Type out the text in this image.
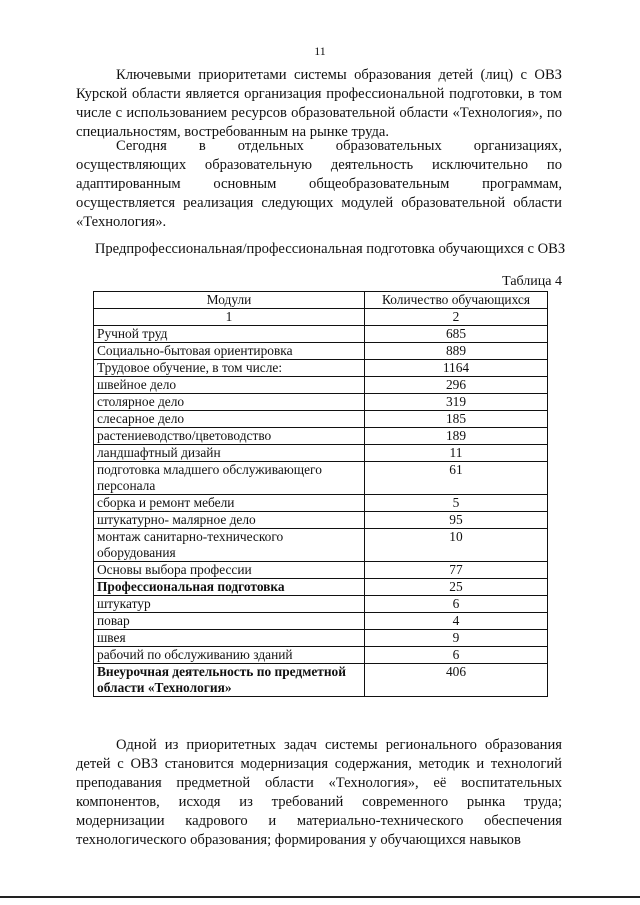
11

Ключевыми приоритетами системы образования детей (лиц) с ОВЗ Курской области является организация профессиональной подготовки, в том числе с использованием ресурсов образовательной области «Технология», по специальностям, востребованным на рынке труда.

Сегодня в отдельных образовательных организациях, осуществляющих образовательную деятельность исключительно по адаптированным основным общеобразовательным программам, осуществляется реализация следующих модулей образовательной области «Технология».

Предпрофессиональная/профессиональная подготовка обучающихся с ОВЗ
Таблица 4
Модули	Количество обучающихся
1	2
Ручной труд	685
Социально-бытовая ориентировка	889
Трудовое обучение, в том числе:	1164
швейное дело	296
столярное дело	319
слесарное дело	185
растениеводство/цветоводство	189
ландшафтный дизайн	11
подготовка младшего обслуживающего персонала	61
сборка и ремонт мебели	5
штукатурно- малярное дело	95
монтаж санитарно-технического оборудования	10
Основы выбора профессии	77
Профессиональная подготовка	25
штукатур	6
повар	4
швея	9
рабочий по обслуживанию зданий	6
Внеурочная деятельность по предметной области «Технология»	406

Одной из приоритетных задач системы регионального образования детей с ОВЗ становится модернизация содержания, методик и технологий преподавания предметной области «Технология», её воспитательных компонентов, исходя из требований современного рынка труда; модернизации кадрового и материально-технического обеспечения технологического образования; формирования у обучающихся навыков
